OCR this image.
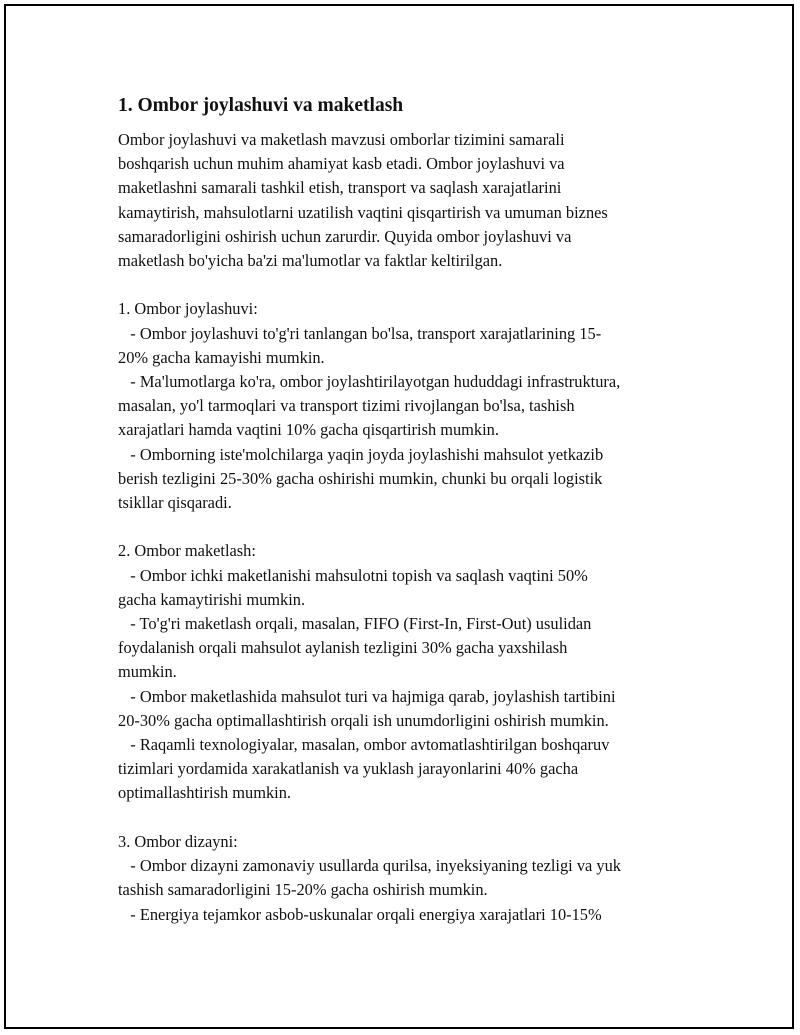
1. Ombor joylashuvi va maketlash

Ombor joylashuvi va maketlash mavzusi omborlar tizimini samarali
boshqarish uchun muhim ahamiyat kasb etadi. Ombor joylashuvi va
maketlashni samarali tashkil etish, transport va saqlash xarajatlarini
kamaytirish, mahsulotlarni uzatilish vaqtini qisqartirish va umuman biznes
samaradorligini oshirish uchun zarurdir. Quyida ombor joylashuvi va
maketlash bo'yicha ba'zi ma'lumotlar va faktlar keltirilgan.

1. Ombor joylashuvi:
- Ombor joylashuvi to'g'ri tanlangan bo'lsa, transport xarajatlarining 15-
20% gacha kamayishi mumkin.
- Ma'lumotlarga ko'ra, ombor joylashtirilayotgan hududdagi infrastruktura,
masalan, yo'l tarmoqlari va transport tizimi rivojlangan bo'lsa, tashish
xarajatlari hamda vaqtini 10% gacha qisqartirish mumkin.
- Omborning iste'molchilarga yaqin joyda joylashishi mahsulot yetkazib
berish tezligini 25-30% gacha oshirishi mumkin, chunki bu orqali logistik
tsikllar qisqaradi.

2. Ombor maketlash:
- Ombor ichki maketlanishi mahsulotni topish va saqlash vaqtini 50%
gacha kamaytirishi mumkin.
- To'g'ri maketlash orqali, masalan, FIFO (First-In, First-Out) usulidan
foydalanish orqali mahsulot aylanish tezligini 30% gacha yaxshilash
mumkin.
- Ombor maketlashida mahsulot turi va hajmiga qarab, joylashish tartibini
20-30% gacha optimallashtirish orqali ish unumdorligini oshirish mumkin.
- Raqamli texnologiyalar, masalan, ombor avtomatlashtirilgan boshqaruv
tizimlari yordamida xarakatlanish va yuklash jarayonlarini 40% gacha
optimallashtirish mumkin.

3. Ombor dizayni:
- Ombor dizayni zamonaviy usullarda qurilsa, inyeksiyaning tezligi va yuk
tashish samaradorligini 15-20% gacha oshirish mumkin.
- Energiya tejamkor asbob-uskunalar orqali energiya xarajatlari 10-15%
